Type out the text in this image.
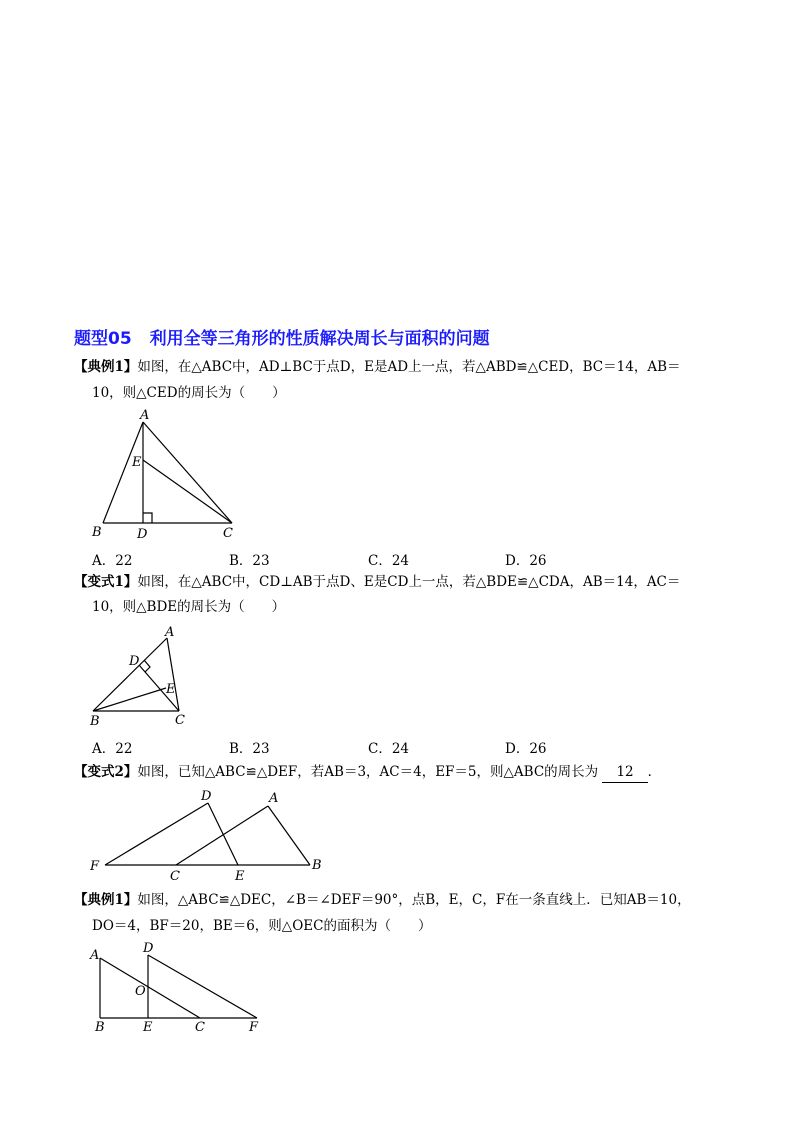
题型05 利用全等三角形的性质解决周长与面积的问题
【典例1】如图，在△ABC中，AD⊥BC于点D，E是AD上一点，若△ABD≌△CED，BC＝14，AB＝
10，则△CED的周长为（　　）
A
E
B	D	C
A．22	B．23	C．24	D．26
【变式1】如图，在△ABC中，CD⊥AB于点D、E是CD上一点，若△BDE≌△CDA，AB＝14，AC＝
10，则△BDE的周长为（　　）
A
D
E
B	C
A．22	B．23	C．24	D．26
【变式2】如图，已知△ABC≌△DEF，若AB＝3，AC＝4，EF＝5，则△ABC的周长为 12 ．
D	A
F	B
C	E
【典例1】如图，△ABC≌△DEC，∠B＝∠DEF＝90°，点B，E，C，F在一条直线上．已知AB＝10，
DO＝4，BF＝20，BE＝6，则△OEC的面积为（　　）
A	D
O
B	E	C	F
